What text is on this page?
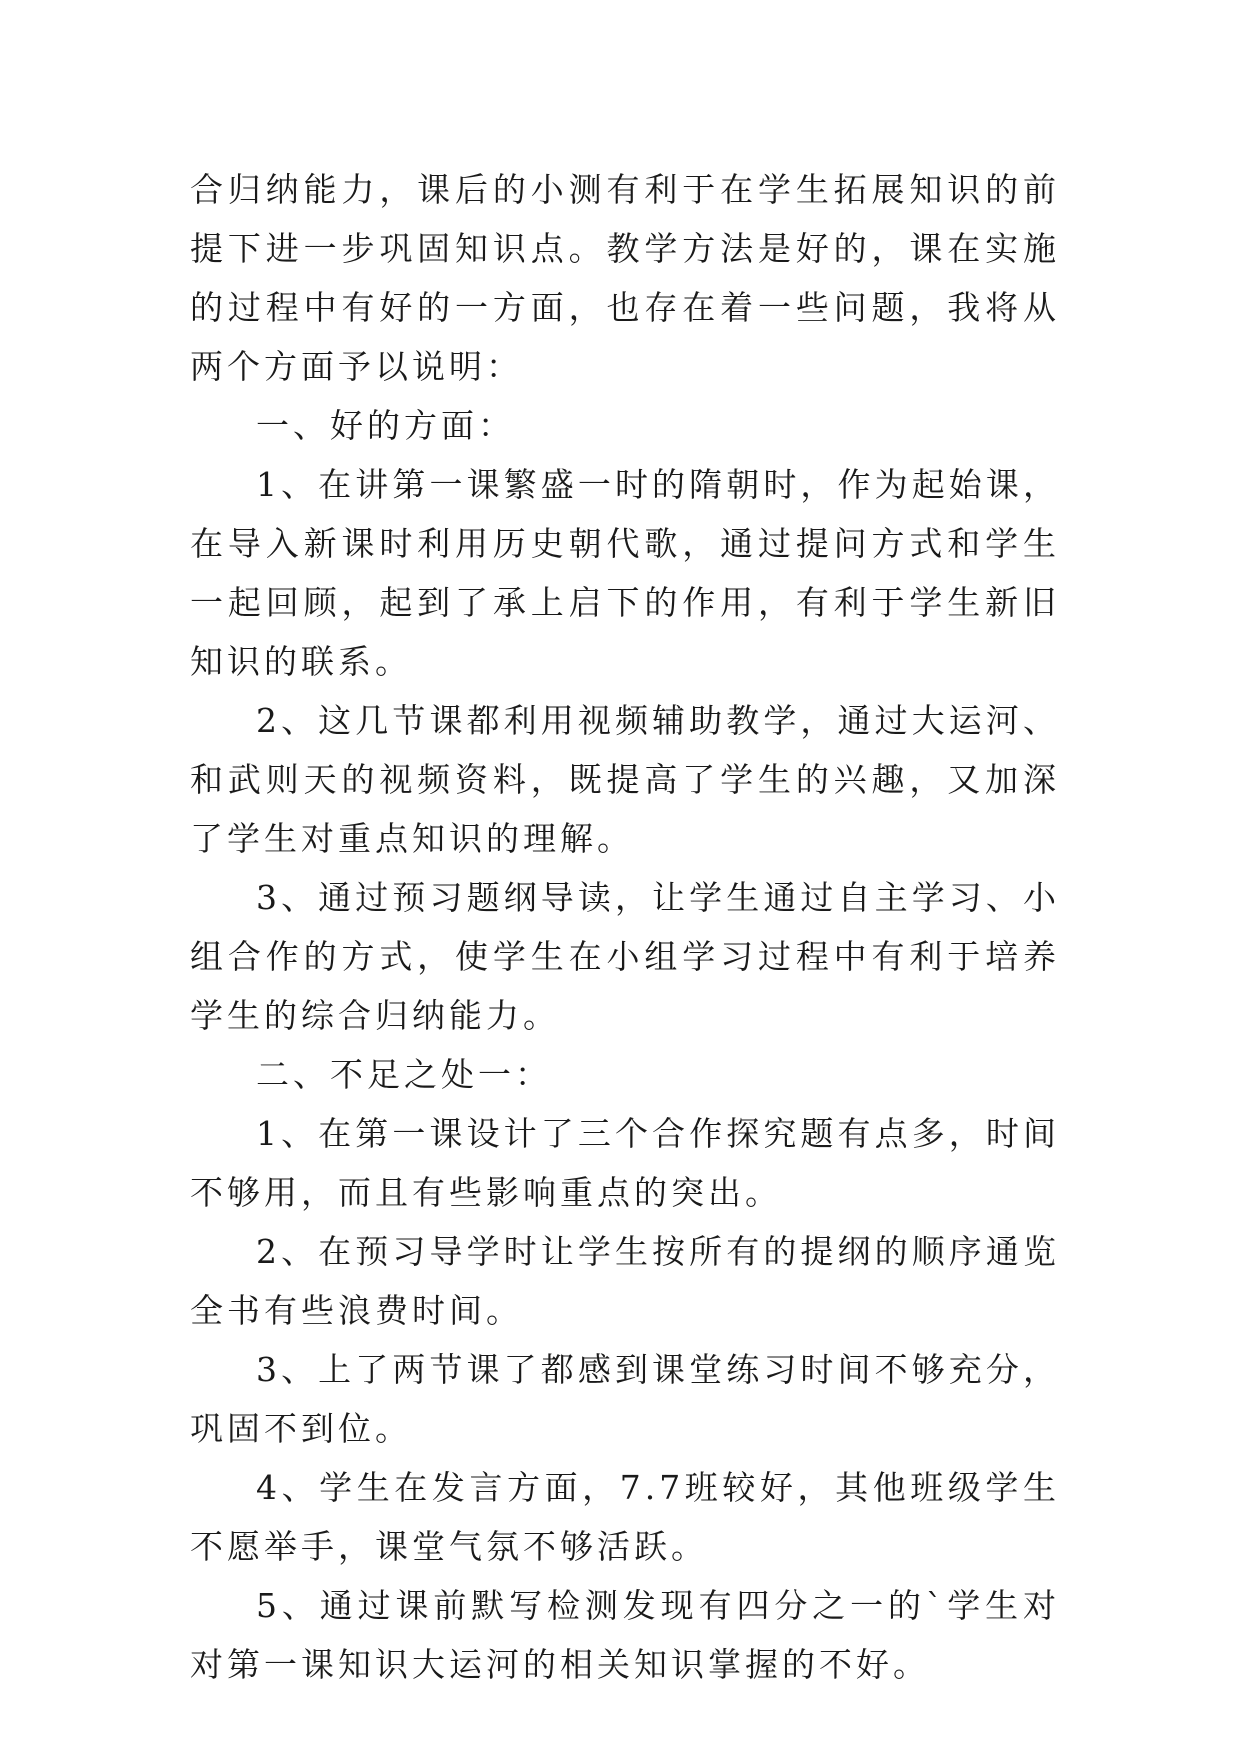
合归纳能力，课后的小测有利于在学生拓展知识的前提下进一步巩固知识点。教学方法是好的，课在实施的过程中有好的一方面，也存在着一些问题，我将从两个方面予以说明：

一、好的方面：

1、在讲第一课繁盛一时的隋朝时，作为起始课，在导入新课时利用历史朝代歌，通过提问方式和学生一起回顾，起到了承上启下的作用，有利于学生新旧知识的联系。

2、这几节课都利用视频辅助教学，通过大运河、和武则天的视频资料，既提高了学生的兴趣，又加深了学生对重点知识的理解。

3、通过预习题纲导读，让学生通过自主学习、小组合作的方式，使学生在小组学习过程中有利于培养学生的综合归纳能力。

二、不足之处一：

1、在第一课设计了三个合作探究题有点多，时间不够用，而且有些影响重点的突出。

2、在预习导学时让学生按所有的提纲的顺序通览全书有些浪费时间。

3、上了两节课了都感到课堂练习时间不够充分，巩固不到位。

4、学生在发言方面，7.7班较好，其他班级学生不愿举手，课堂气氛不够活跃。

5、通过课前默写检测发现有四分之一的`学生对对第一课知识大运河的相关知识掌握的不好。
